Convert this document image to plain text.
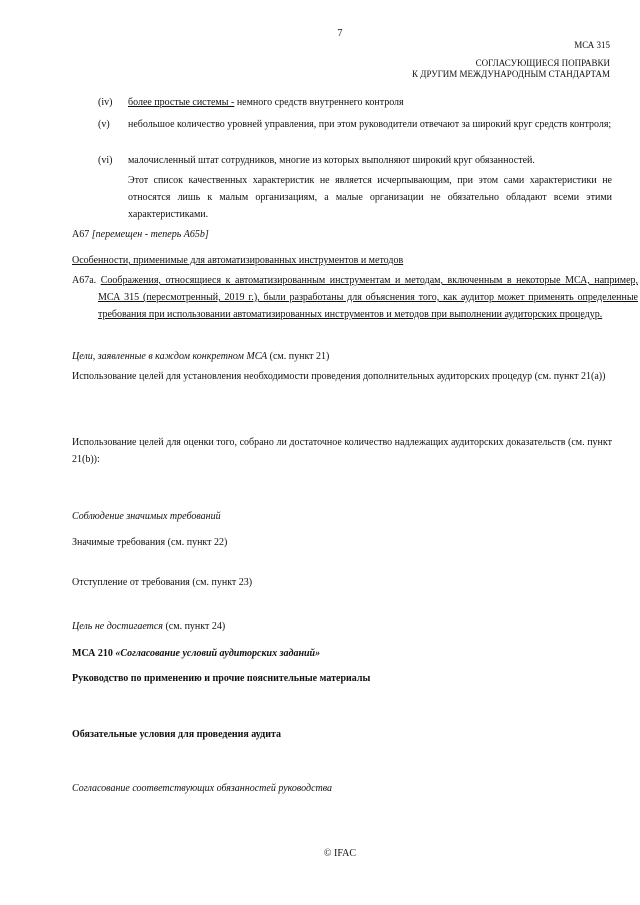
7
МСА 315
СОГЛАСУЮЩИЕСЯ ПОПРАВКИ
К ДРУГИМ МЕЖДУНАРОДНЫМ СТАНДАРТАМ
(iv)	более простые системы - немного средств внутреннего контроля
(v)	небольшое количество уровней управления, при этом руководители отвечают за широкий круг средств контроля;
(vi)	малочисленный штат сотрудников, многие из которых выполняют широкий круг обязанностей.
Этот список качественных характеристик не является исчерпывающим, при этом сами характеристики не относятся лишь к малым организациям, а малые организации не обязательно обладают всеми этими характеристиками.
A67 [перемещен - теперь A65b]
Особенности, применимые для автоматизированных инструментов и методов
A67a. Соображения, относящиеся к автоматизированным инструментам и методам, включенным в некоторые МСА, например, МСА 315 (пересмотренный, 2019 г.), были разработаны для объяснения того, как аудитор может применять определенные требования при использовании автоматизированных инструментов и методов при выполнении аудиторских процедур.
Цели, заявленные в каждом конкретном МСА (см. пункт 21)
Использование целей для установления необходимости проведения дополнительных аудиторских процедур (см. пункт 21(a))
Использование целей для оценки того, собрано ли достаточное количество надлежащих аудиторских доказательств (см. пункт 21(b)):
Соблюдение значимых требований
Значимые требования (см. пункт 22)
Отступление от требования (см. пункт 23)
Цель не достигается (см. пункт 24)
МСА 210 «Согласование условий аудиторских заданий»
Руководство по применению и прочие пояснительные материалы
Обязательные условия для проведения аудита
Согласование соответствующих обязанностей руководства
© IFAC
